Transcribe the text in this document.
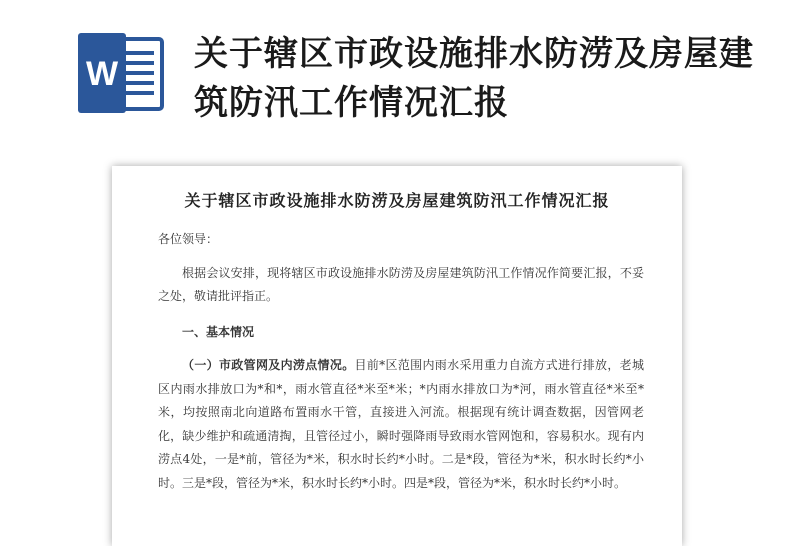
W 关于辖区市政设施排水防涝及房屋建筑防汛工作情况汇报
关于辖区市政设施排水防涝及房屋建筑防汛工作情况汇报

各位领导：

根据会议安排，现将辖区市政设施排水防涝及房屋建筑防汛工作情况作简要汇报，不妥之处，敬请批评指正。

一、基本情况

（一）市政管网及内涝点情况。目前*区范围内雨水采用重力自流方式进行排放，老城区内雨水排放口为*和*，雨水管直径*米至*米；*内雨水排放口为*河，雨水管直径*米至*米，均按照南北向道路布置雨水干管，直接进入河流。根据现有统计调查数据，因管网老化，缺少维护和疏通清掏，且管径过小，瞬时强降雨导致雨水管网饱和，容易积水。现有内涝点4处，一是*前，管径为*米，积水时长约*小时。二是*段，管径为*米，积水时长约*小时。三是*段，管径为*米，积水时长约*小时。四是*段，管径为*米，积水时长约*小时。
